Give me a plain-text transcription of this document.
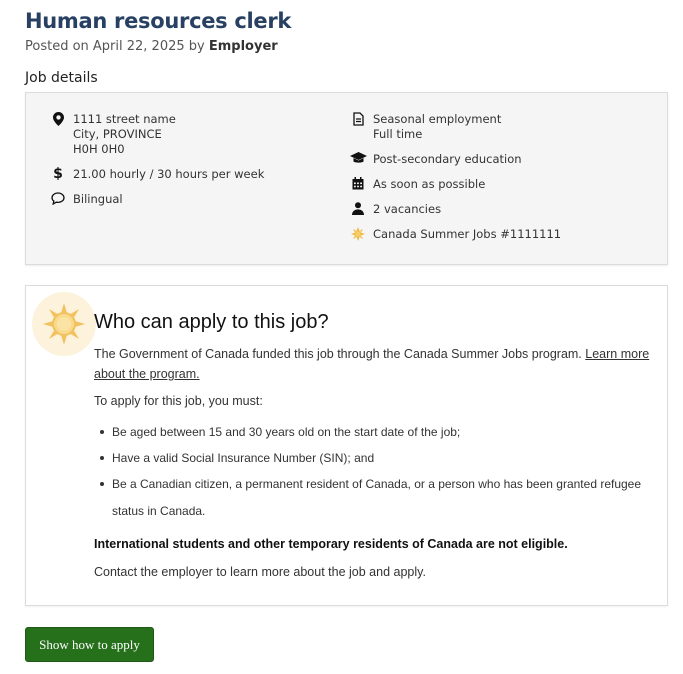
Human resources clerk
Posted on April 22, 2025 by Employer
Job details
1111 street name
City, PROVINCE
H0H 0H0
$ 21.00 hourly / 30 hours per week
Bilingual
Seasonal employment
Full time
Post-secondary education
As soon as possible
2 vacancies
Canada Summer Jobs #1111111
Who can apply to this job?
The Government of Canada funded this job through the Canada Summer Jobs program. Learn more
about the program.
To apply for this job, you must:
Be aged between 15 and 30 years old on the start date of the job;
Have a valid Social Insurance Number (SIN); and
Be a Canadian citizen, a permanent resident of Canada, or a person who has been granted refugee
status in Canada.
International students and other temporary residents of Canada are not eligible.
Contact the employer to learn more about the job and apply.
Show how to apply
